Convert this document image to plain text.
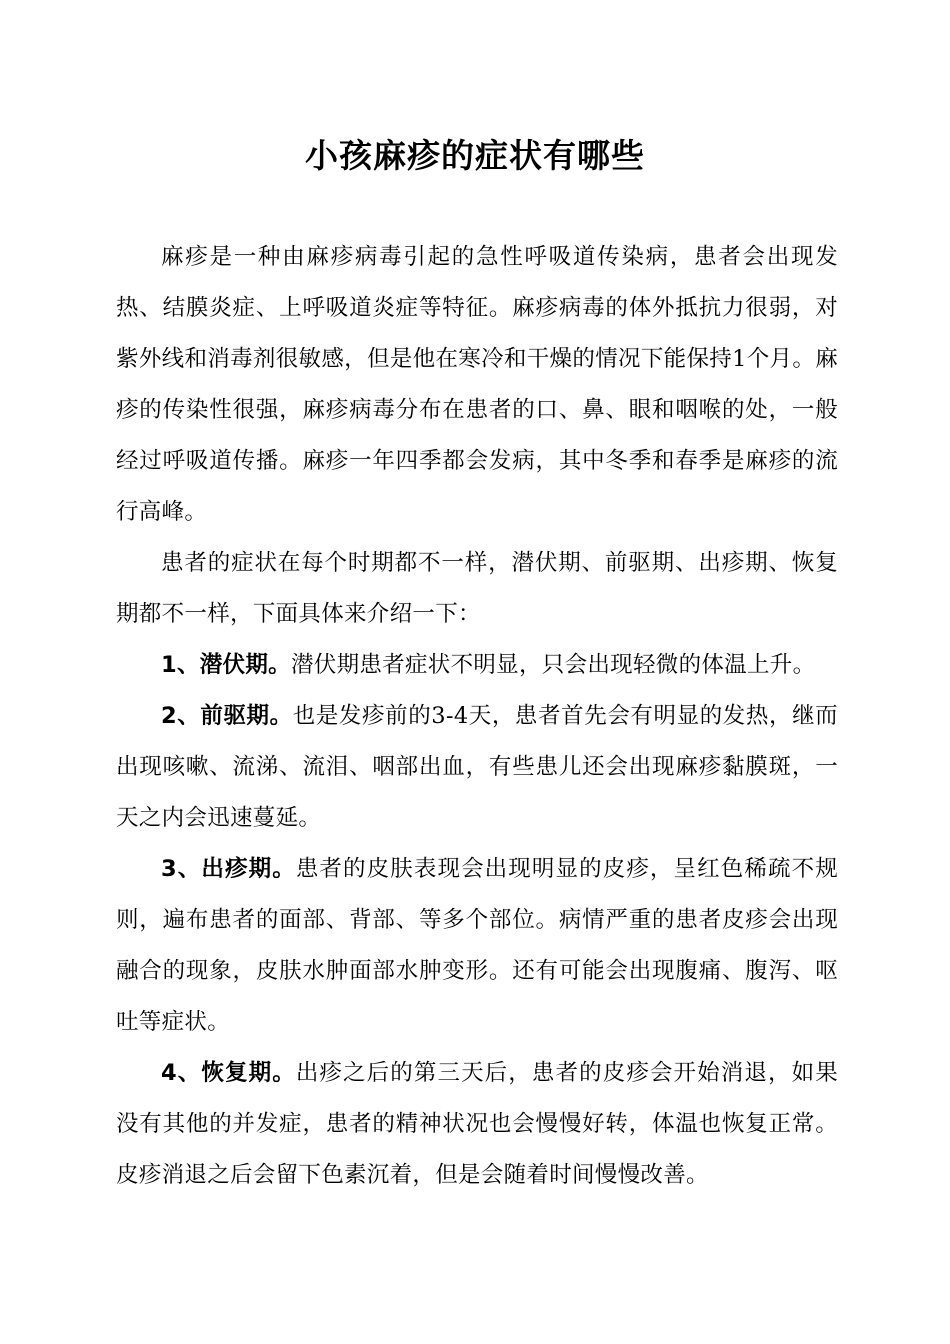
小孩麻疹的症状有哪些

麻疹是一种由麻疹病毒引起的急性呼吸道传染病，患者会出现发热、结膜炎症、上呼吸道炎症等特征。麻疹病毒的体外抵抗力很弱，对紫外线和消毒剂很敏感，但是他在寒冷和干燥的情况下能保持1个月。麻疹的传染性很强，麻疹病毒分布在患者的口、鼻、眼和咽喉的处，一般经过呼吸道传播。麻疹一年四季都会发病，其中冬季和春季是麻疹的流行高峰。

患者的症状在每个时期都不一样，潜伏期、前驱期、出疹期、恢复期都不一样，下面具体来介绍一下：

1、潜伏期。潜伏期患者症状不明显，只会出现轻微的体温上升。

2、前驱期。也是发疹前的3-4天，患者首先会有明显的发热，继而出现咳嗽、流涕、流泪、咽部出血，有些患儿还会出现麻疹黏膜斑，一天之内会迅速蔓延。

3、出疹期。患者的皮肤表现会出现明显的皮疹，呈红色稀疏不规则，遍布患者的面部、背部、等多个部位。病情严重的患者皮疹会出现融合的现象，皮肤水肿面部水肿变形。还有可能会出现腹痛、腹泻、呕吐等症状。

4、恢复期。出疹之后的第三天后，患者的皮疹会开始消退，如果没有其他的并发症，患者的精神状况也会慢慢好转，体温也恢复正常。皮疹消退之后会留下色素沉着，但是会随着时间慢慢改善。
